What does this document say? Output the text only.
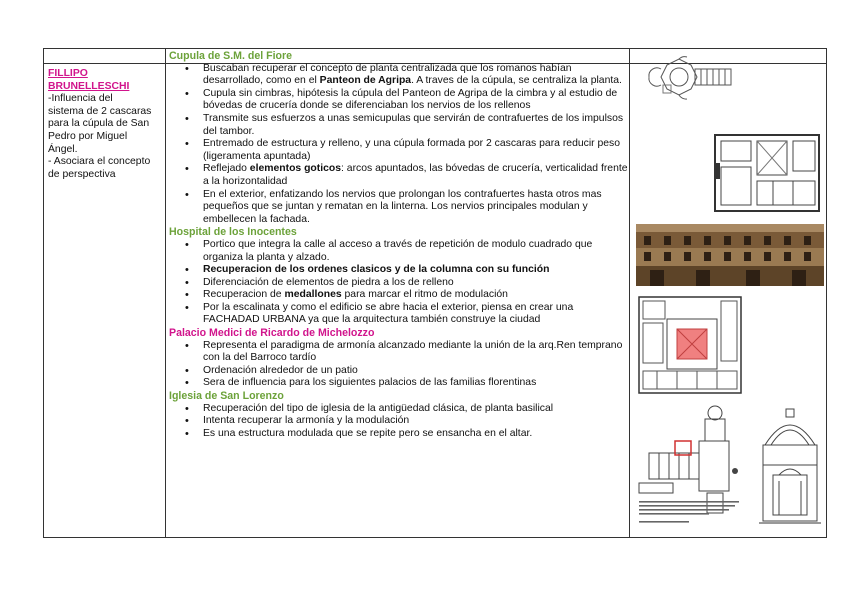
FILLIPO BRUNELLESCHI
-Influencia del
sistema de 2 cascaras
para la cúpula de San
Pedro por Miguel
Ángel.
- Asociara el concepto
de perspectiva

Cupula de S.M. del Fiore

• Buscaban recuperar el concepto de planta centralizada que los romanos habían desarrollado, como en el Panteon de Agripa. A traves de la cúpula, se centraliza la planta.
• Cupula sin cimbras, hipótesis la cúpula del Panteon de Agripa de la cimbra y al estudio de bóvedas de crucería donde se diferenciaban los nervios de los rellenos
• Transmite sus esfuerzos a unas semicupulas que servirán de contrafuertes de los impulsos del tambor.
• Entremado de estructura y relleno, y una cúpula formada por 2 cascaras para reducir peso (ligeramenta apuntada)
• Reflejado elementos goticos: arcos apuntados, las bóvedas de crucería, verticalidad frente a la horizontalidad
• En el exterior, enfatizando los nervios que prolongan los contrafuertes hasta otros mas pequeños que se juntan y rematan en la linterna. Los nervios principales modulan y embellecen la fachada.

Hospital de los Inocentes

• Portico que integra la calle al acceso a través de repetición de modulo cuadrado que organiza la planta y alzado.
• Recuperacion de los ordenes clasicos y de la columna con su función
• Diferenciación de elementos de piedra a los de relleno
• Recuperacion de medallones para marcar el ritmo de modulación
• Por la escalinata y como el edificio se abre hacia el exterior, piensa en crear una FACHADAD URBANA ya que la arquitectura también construye la ciudad

Palacio Medici de Ricardo de Michelozzo

• Representa el paradigma de armonía alcanzado mediante la unión de la arq.Ren temprano con la del Barroco tardío
• Ordenación alrededor de un patio
• Sera de influencia para los siguientes palacios de las familias florentinas

Iglesia de San Lorenzo

• Recuperación del tipo de iglesia de la antigüedad clásica, de planta basilical
• Intenta recuperar la armonía y la modulación
• Es una estructura modulada que se repite pero se ensancha en el altar.
